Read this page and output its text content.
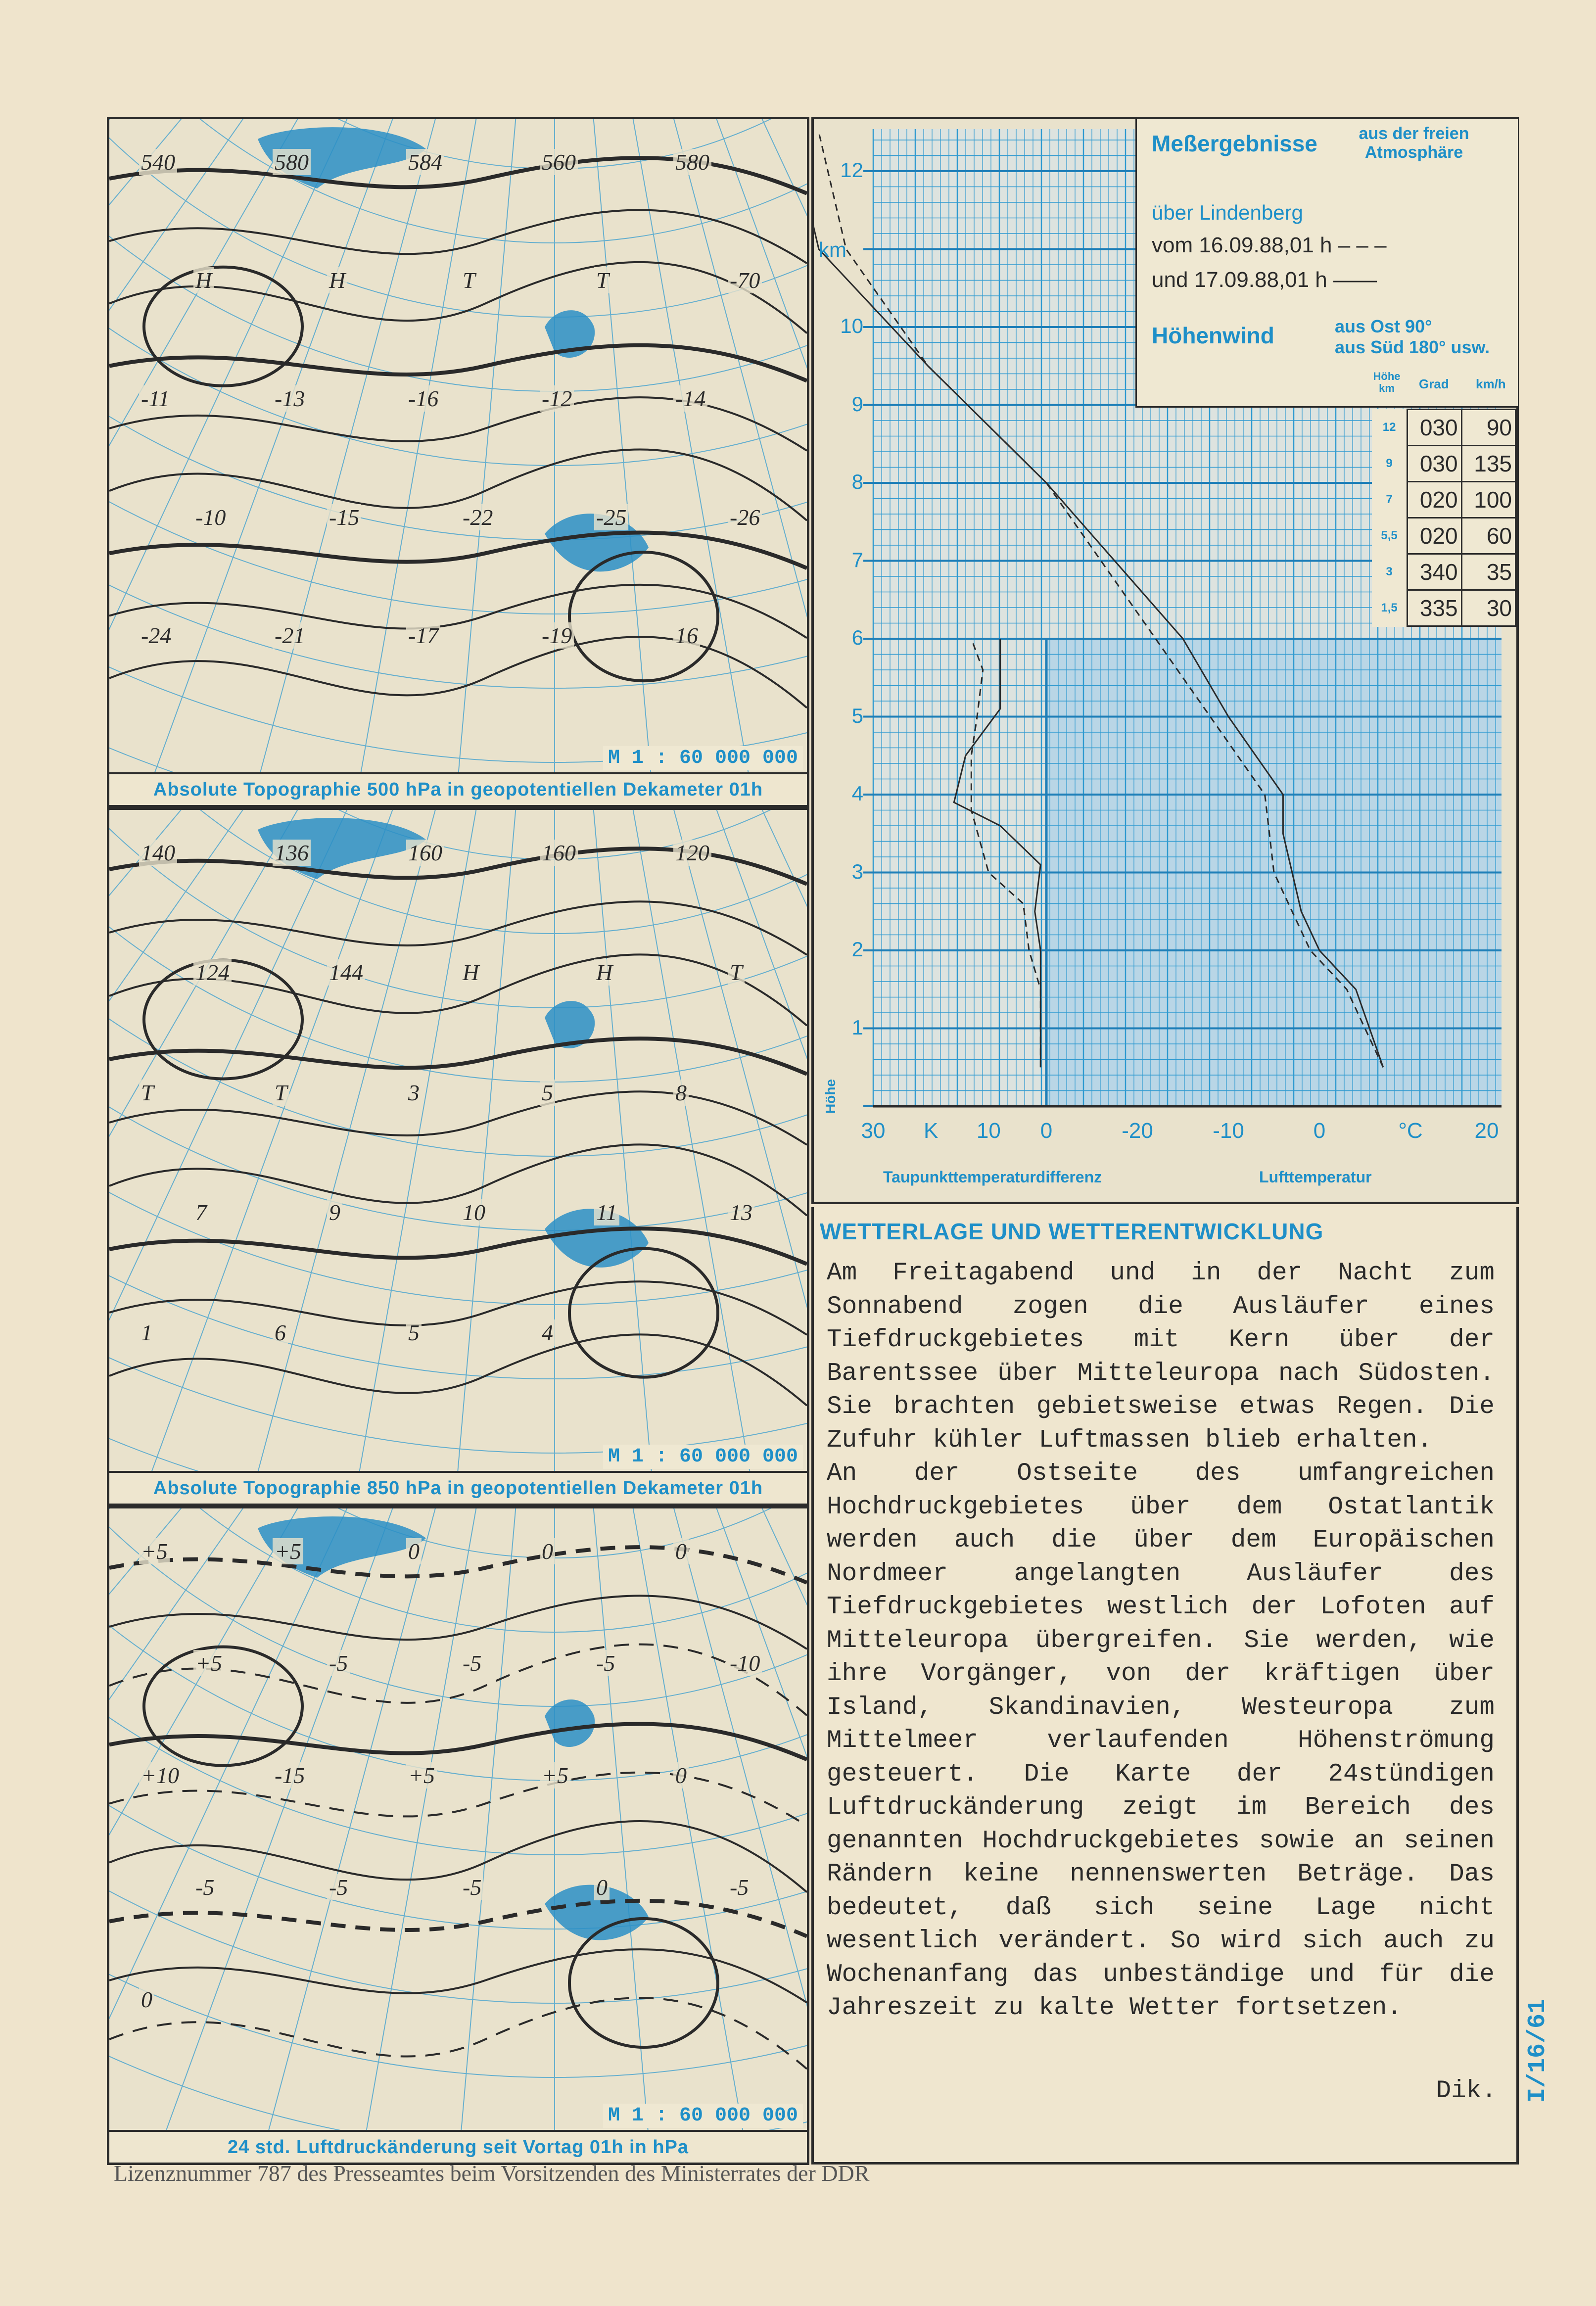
540	580	584	560	580
H	H	T	T	-70
-11	-13	-16	-12	-14
-10	-15	-22	-25	-26
-24	-21	-17	-19	16
M 1 : 60 000 000
Absolute Topographie 500 hPa in geopotentiellen Dekameter 01h
140	136	160	160	120
124	144	H	H	T
T	T	3	5	8
7	9	10	11	13
1	6	5	4
M 1 : 60 000 000
Absolute Topographie 850 hPa in geopotentiellen Dekameter 01h
+5	+5	0	0	0
+5	-5	-5	-5	-10
+10	-15	+5	+5	0
-5	-5	-5	0	-5
0
M 1 : 60 000 000
24 std. Luftdruckänderung seit Vortag 01h in hPa
Meßergebnisse	aus der freien Atmosphäre
über Lindenberg
vom 16.09.88,01 h – – –
und 17.09.88,01 h ——
Höhenwind	aus Ost 90°
aus Süd 180° usw.
Höhe km	Grad km/h
12	030	90
9	030	135
7	020	100
5,5	020	60
3	340	35
1,5	335	30
km
Höhe
12
10
9
8
7
6
5
4
3
2
1
30	K	10	0	-20	-10	0	°C	20
Taupunkttemperaturdifferenz	Lufttemperatur
WETTERLAGE UND WETTERENTWICKLUNG
Am Freitagabend und in der Nacht zum Sonnabend zogen die Ausläufer eines Tiefdruckgebietes mit Kern über der Barentssee über Mitteleuropa nach Südosten. Sie brachten gebietsweise etwas Regen. Die Zufuhr kühler Luftmassen blieb erhalten.
An der Ostseite des umfangreichen Hochdruckgebietes über dem Ostatlantik werden auch die über dem Europäischen Nordmeer angelangten Ausläufer des Tiefdruckgebietes westlich der Lofoten auf Mitteleuropa übergreifen. Sie werden, wie ihre Vorgänger, von der kräftigen über Island, Skandinavien, Westeuropa zum Mittelmeer verlaufenden Höhenströmung gesteuert. Die Karte der 24stündigen Luftdruckänderung zeigt im Bereich des genannten Hochdruckgebietes sowie an seinen Rändern keine nennenswerten Beträge. Das bedeutet, daß sich seine Lage nicht wesentlich verändert. So wird sich auch zu Wochenanfang das unbeständige und für die Jahreszeit zu kalte Wetter fortsetzen.
Dik.
Lizenznummer 787 des Presseamtes beim Vorsitzenden des Ministerrates der DDR
I/16/61
